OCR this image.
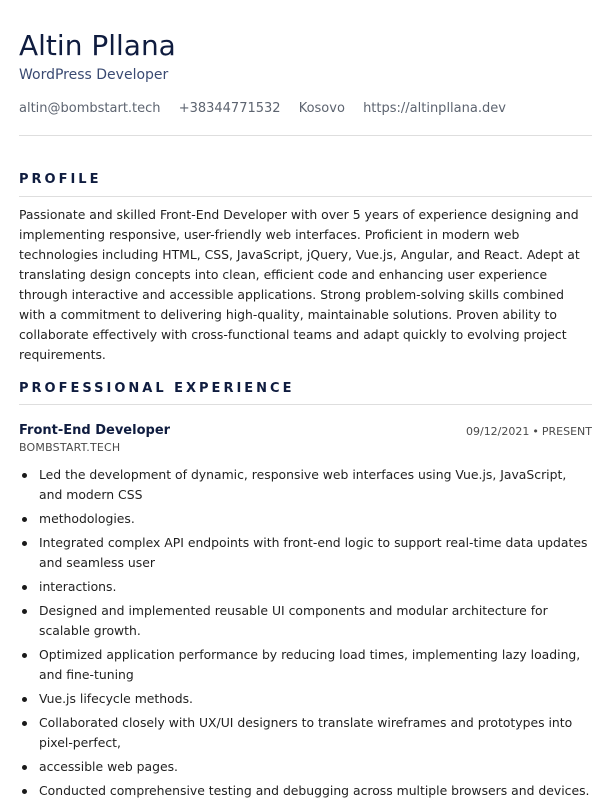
Altin Pllana
WordPress Developer
altin@bombstart.tech +38344771532 Kosovo https://altinpllana.dev
PROFILE

Passionate and skilled Front-End Developer with over 5 years of experience designing and implementing responsive, user-friendly web interfaces. Proficient in modern web technologies including HTML, CSS, JavaScript, jQuery, Vue.js, Angular, and React. Adept at translating design concepts into clean, efficient code and enhancing user experience through interactive and accessible applications. Strong problem-solving skills combined with a commitment to delivering high-quality, maintainable solutions. Proven ability to collaborate effectively with cross-functional teams and adapt quickly to evolving project requirements.

PROFESSIONAL EXPERIENCE
Front-End Developer
BOMBSTART.TECH
09/12/2021 • PRESENT
Led the development of dynamic, responsive web interfaces using Vue.js, JavaScript, and modern CSS
methodologies.
Integrated complex API endpoints with front-end logic to support real-time data updates and seamless user
interactions.
Designed and implemented reusable UI components and modular architecture for scalable growth.
Optimized application performance by reducing load times, implementing lazy loading, and fine-tuning
Vue.js lifecycle methods.
Collaborated closely with UX/UI designers to translate wireframes and prototypes into pixel-perfect,
accessible web pages.
Conducted comprehensive testing and debugging across multiple browsers and devices.
